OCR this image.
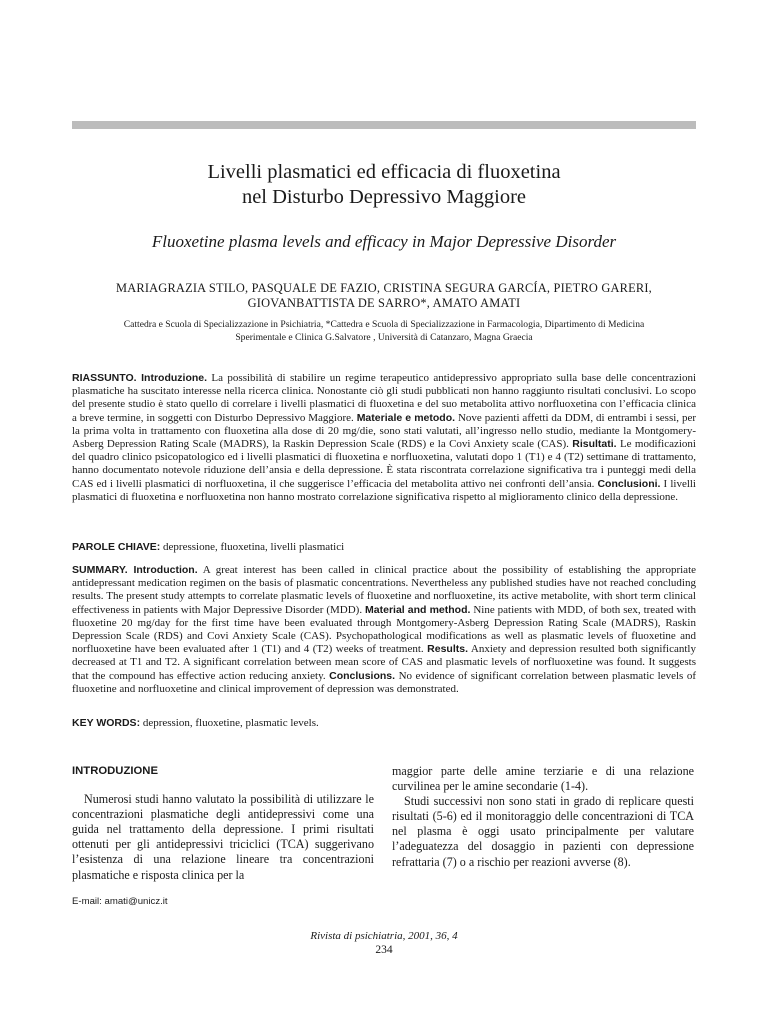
Livelli plasmatici ed efficacia di fluoxetina
nel Disturbo Depressivo Maggiore
Fluoxetine plasma levels and efficacy in Major Depressive Disorder
MARIAGRAZIA STILO, PASQUALE DE FAZIO, CRISTINA SEGURA GARCÍA, PIETRO GARERI,
GIOVANBATTISTA DE SARRO*, AMATO AMATI
Cattedra e Scuola di Specializzazione in Psichiatria, *Cattedra e Scuola di Specializzazione in Farmacologia, Dipartimento di Medicina
Sperimentale e Clinica G.Salvatore , Università di Catanzaro, Magna Graecia
RIASSUNTO. Introduzione. La possibilità di stabilire un regime terapeutico antidepressivo appropriato sulla base delle concentrazioni plasmatiche ha suscitato interesse nella ricerca clinica. Nonostante ciò gli studi pubblicati non hanno raggiunto risultati conclusivi. Lo scopo del presente studio è stato quello di correlare i livelli plasmatici di fluoxetina e del suo metabolita attivo norfluoxetina con l’efficacia clinica a breve termine, in soggetti con Disturbo Depressivo Maggiore. Materiale e metodo. Nove pazienti affetti da DDM, di entrambi i sessi, per la prima volta in trattamento con fluoxetina alla dose di 20 mg/die, sono stati valutati, all’ingresso nello studio, mediante la Montgomery-Asberg Depression Rating Scale (MADRS), la Raskin Depression Scale (RDS) e la Covi Anxiety scale (CAS). Risultati. Le modificazioni del quadro clinico psicopatologico ed i livelli plasmatici di fluoxetina e norfluoxetina, valutati dopo 1 (T1) e 4 (T2) settimane di trattamento, hanno documentato notevole riduzione dell’ansia e della depressione. È stata riscontrata correlazione significativa tra i punteggi medi della CAS ed i livelli plasmatici di norfluoxetina, il che suggerisce l’efficacia del metabolita attivo nei confronti dell’ansia. Conclusioni. I livelli plasmatici di fluoxetina e norfluoxetina non hanno mostrato correlazione significativa rispetto al miglioramento clinico della depressione.
PAROLE CHIAVE: depressione, fluoxetina, livelli plasmatici
SUMMARY. Introduction. A great interest has been called in clinical practice about the possibility of establishing the appropriate antidepressant medication regimen on the basis of plasmatic concentrations. Nevertheless any published studies have not reached concluding results. The present study attempts to correlate plasmatic levels of fluoxetine and norfluoxetine, its active metabolite, with short term clinical effectiveness in patients with Major Depressive Disorder (MDD). Material and method. Nine patients with MDD, of both sex, treated with fluoxetine 20 mg/day for the first time have been evaluated through Montgomery-Asberg Depression Rating Scale (MADRS), Raskin Depression Scale (RDS) and Covi Anxiety Scale (CAS). Psychopathological modifications as well as plasmatic levels of fluoxetine and norfluoxetine have been evaluated after 1 (T1) and 4 (T2) weeks of treatment. Results. Anxiety and depression resulted both significantly decreased at T1 and T2. A significant correlation between mean score of CAS and plasmatic levels of norfluoxetine was found. It suggests that the compound has effective action reducing anxiety. Conclusions. No evidence of significant correlation between plasmatic levels of fluoxetine and norfluoxetine and clinical improvement of depression was demonstrated.
KEY WORDS: depression, fluoxetine, plasmatic levels.
INTRODUZIONE
Numerosi studi hanno valutato la possibilità di utilizzare le concentrazioni plasmatiche degli antidepressivi come una guida nel trattamento della depressione. I primi risultati ottenuti per gli antidepressivi triciclici (TCA) suggerivano l’esistenza di una relazione lineare tra concentrazioni plasmatiche e risposta clinica per la
maggior parte delle amine terziarie e di una relazione curvilinea per le amine secondarie (1-4).
Studi successivi non sono stati in grado di replicare questi risultati (5-6) ed il monitoraggio delle concentrazioni di TCA nel plasma è oggi usato principalmente per valutare l’adeguatezza del dosaggio in pazienti con depressione refrattaria (7) o a rischio per reazioni avverse (8).
E-mail: amati@unicz.it
Rivista di psichiatria, 2001, 36, 4
234
